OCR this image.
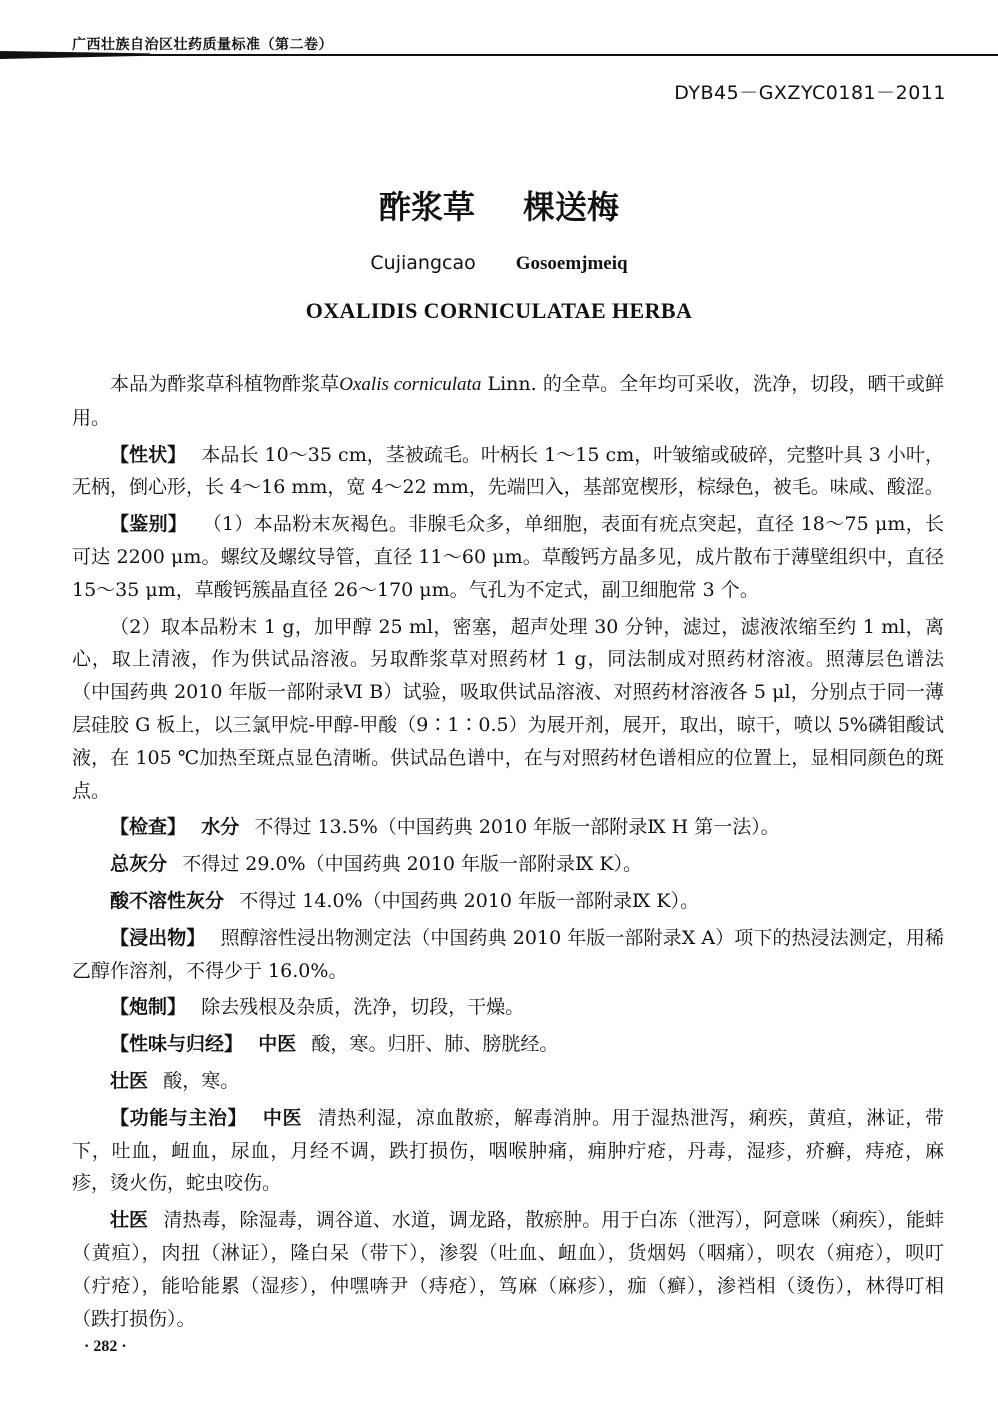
广西壮族自治区壮药质量标准（第二卷）
DYB45－GXZYC0181－2011
酢浆草 棵送梅
Cujiangcao Gosoemjmeiq
OXALIDIS CORNICULATAE HERBA

本品为酢浆草科植物酢浆草Oxalis corniculata Linn. 的全草。全年均可采收，洗净，切段，晒干或鲜用。

【性状】 本品长 10～35 cm，茎被疏毛。叶柄长 1～15 cm，叶皱缩或破碎，完整叶具 3 小叶，无柄，倒心形，长 4～16 mm，宽 4～22 mm，先端凹入，基部宽楔形，棕绿色，被毛。味咸、酸涩。

【鉴别】 （1）本品粉末灰褐色。非腺毛众多，单细胞，表面有疣点突起，直径 18～75 μm，长可达 2200 μm。螺纹及螺纹导管，直径 11～60 μm。草酸钙方晶多见，成片散布于薄壁组织中，直径 15～35 μm，草酸钙簇晶直径 26～170 μm。气孔为不定式，副卫细胞常 3 个。

（2）取本品粉末 1 g，加甲醇 25 ml，密塞，超声处理 30 分钟，滤过，滤液浓缩至约 1 ml，离心，取上清液，作为供试品溶液。另取酢浆草对照药材 1 g，同法制成对照药材溶液。照薄层色谱法（中国药典 2010 年版一部附录Ⅵ B）试验，吸取供试品溶液、对照药材溶液各 5 μl，分别点于同一薄层硅胶 G 板上，以三氯甲烷-甲醇-甲酸（9∶1∶0.5）为展开剂，展开，取出，晾干，喷以 5%磷钼酸试液，在 105 ℃加热至斑点显色清晰。供试品色谱中，在与对照药材色谱相应的位置上，显相同颜色的斑点。

【检查】 水分 不得过 13.5%（中国药典 2010 年版一部附录Ⅸ H 第一法）。

总灰分 不得过 29.0%（中国药典 2010 年版一部附录Ⅸ K）。

酸不溶性灰分 不得过 14.0%（中国药典 2010 年版一部附录Ⅸ K）。

【浸出物】 照醇溶性浸出物测定法（中国药典 2010 年版一部附录Ⅹ A）项下的热浸法测定，用稀乙醇作溶剂，不得少于 16.0%。

【炮制】 除去残根及杂质，洗净，切段，干燥。

【性味与归经】 中医 酸，寒。归肝、肺、膀胱经。

壮医 酸，寒。

【功能与主治】 中医 清热利湿，凉血散瘀，解毒消肿。用于湿热泄泻，痢疾，黄疸，淋证，带下，吐血，衄血，尿血，月经不调，跌打损伤，咽喉肿痛，痈肿疔疮，丹毒，湿疹，疥癣，痔疮，麻疹，烫火伤，蛇虫咬伤。

壮医 清热毒，除湿毒，调谷道、水道，调龙路，散瘀肿。用于白冻（泄泻），阿意咪（痢疾），能蚌（黄疸），肉扭（淋证），隆白呆（带下），渗裂（吐血、衄血），货烟妈（咽痛），呗农（痈疮），呗叮（疔疮），能哈能累（湿疹），仲嘿喯尹（痔疮），笃麻（麻疹），痂（癣），渗裆相（烫伤），林得叮相（跌打损伤）。

· 282 ·
